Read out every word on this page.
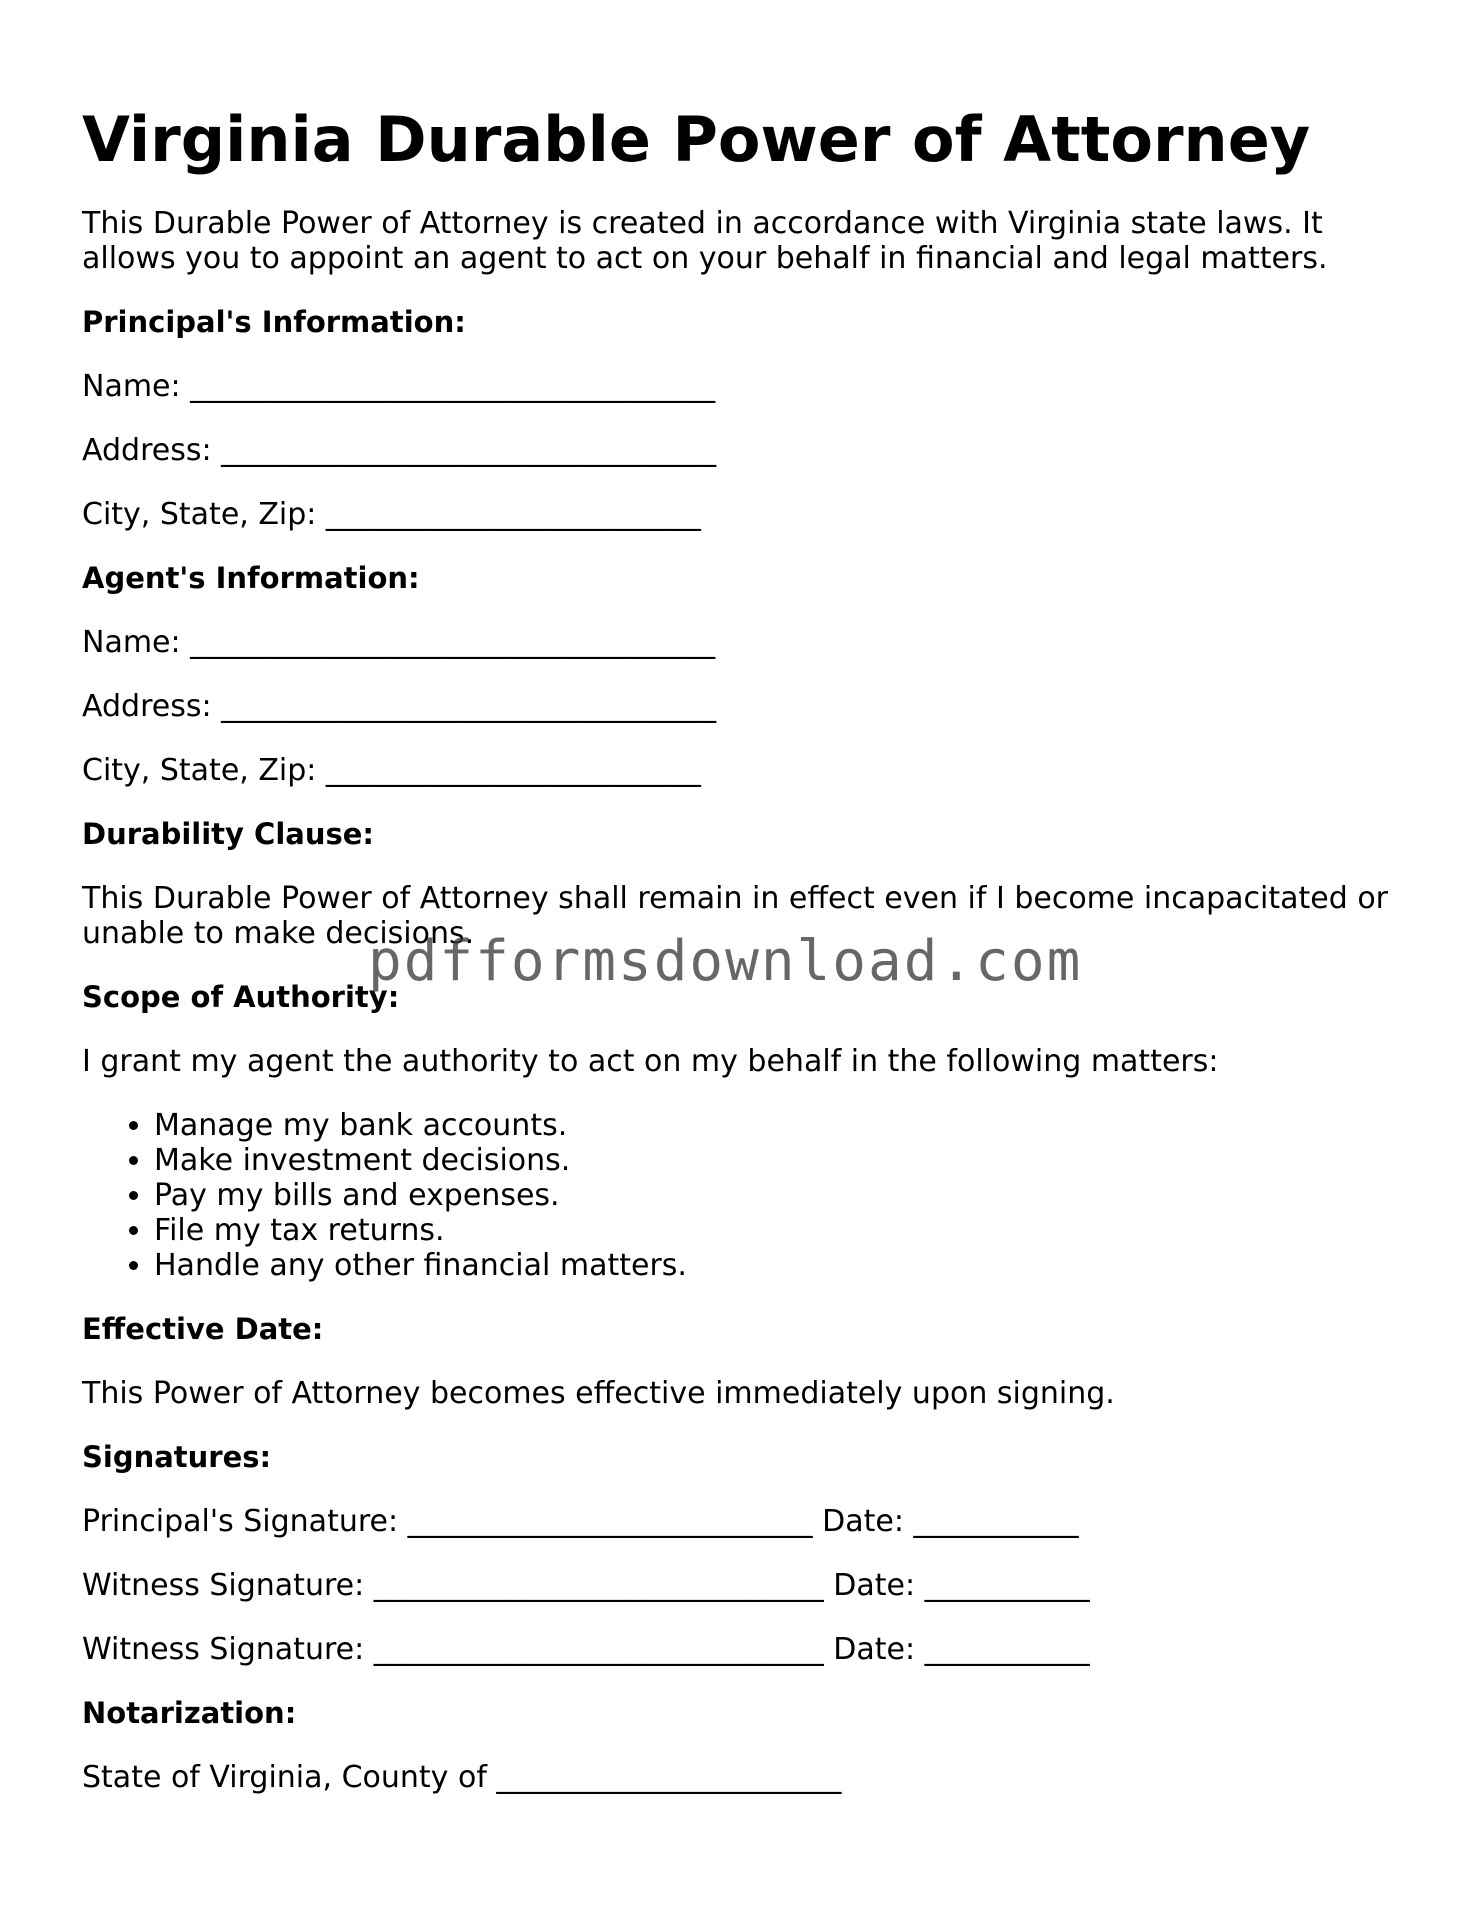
Virginia Durable Power of Attorney

This Durable Power of Attorney is created in accordance with Virginia state laws. It allows you to appoint an agent to act on your behalf in financial and legal matters.

Principal's Information:

Name: ___________________________________

Address: _________________________________

City, State, Zip: _________________________

Agent's Information:

Name: ___________________________________

Address: _________________________________

City, State, Zip: _________________________

Durability Clause:

This Durable Power of Attorney shall remain in effect even if I become incapacitated or unable to make decisions.

Scope of Authority:

I grant my agent the authority to act on my behalf in the following matters:

• Manage my bank accounts.
• Make investment decisions.
• Pay my bills and expenses.
• File my tax returns.
• Handle any other financial matters.

Effective Date:

This Power of Attorney becomes effective immediately upon signing.

Signatures:

Principal's Signature: ___________________________ Date: ___________

Witness Signature: ______________________________ Date: ___________

Witness Signature: ______________________________ Date: ___________

Notarization:

State of Virginia, County of _______________________

pdfformsdownload.com
